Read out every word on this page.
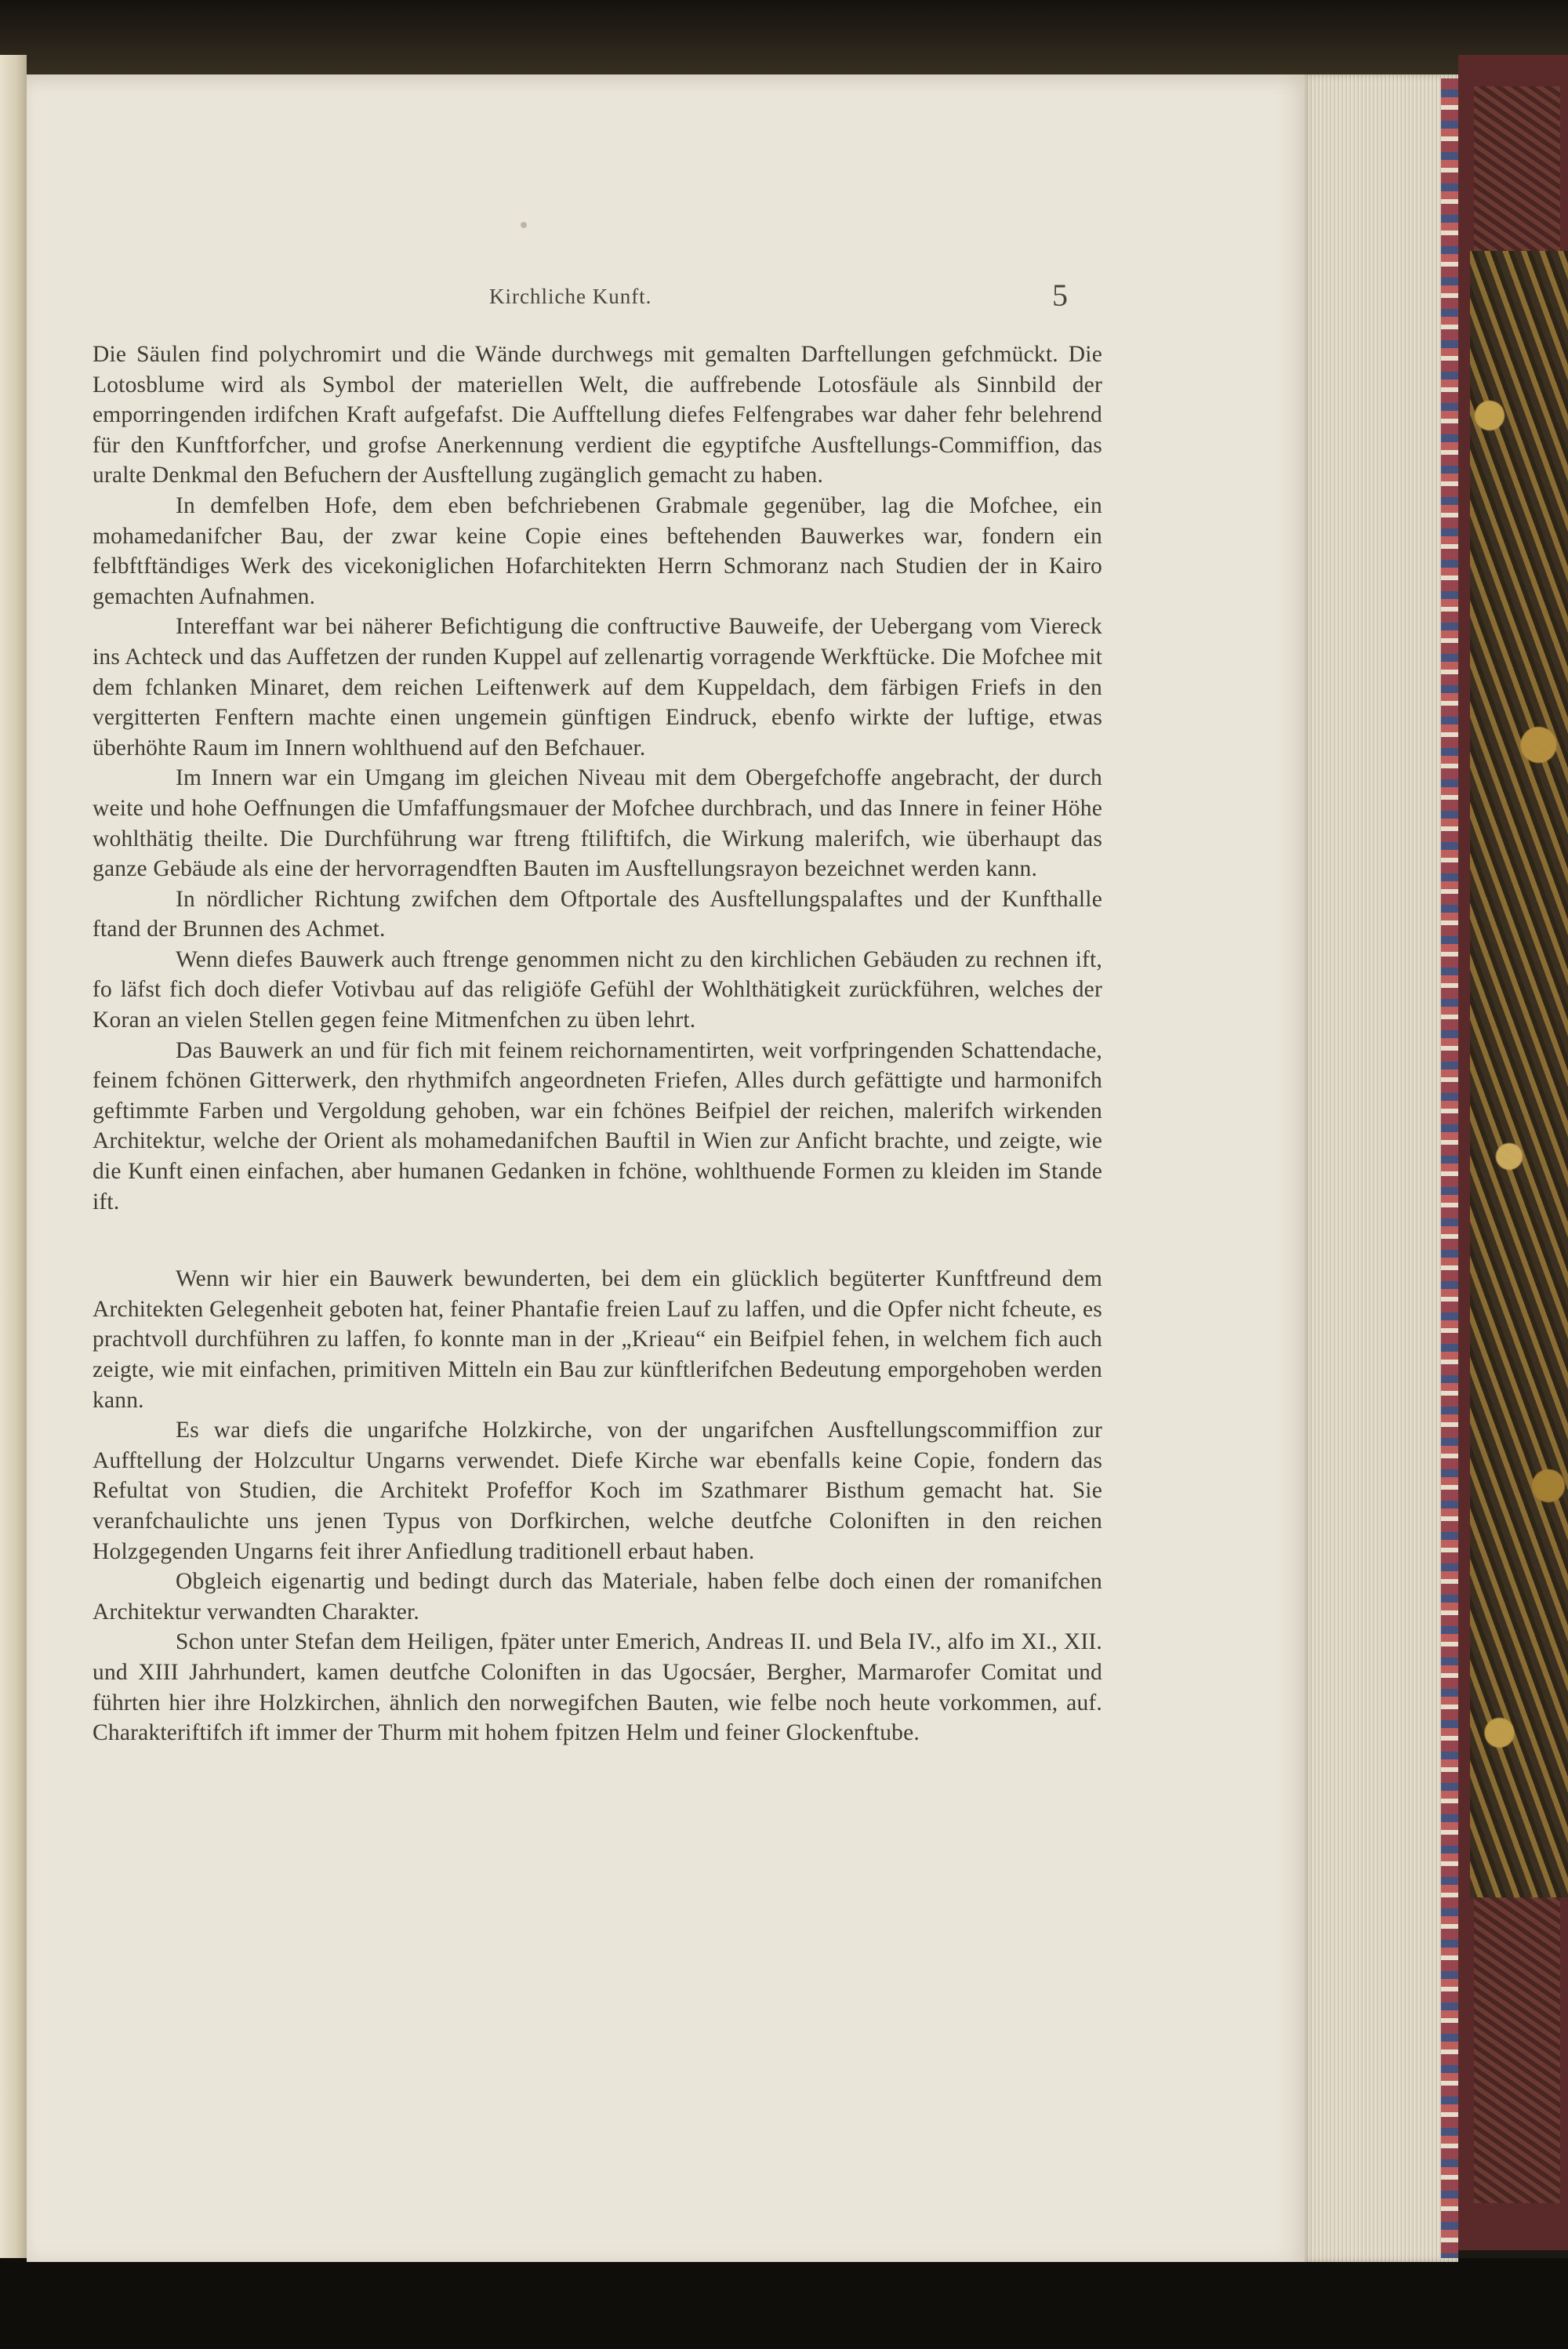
Kirchliche Kunft.	5

Die Säulen find polychromirt und die Wände durchwegs mit gemalten Darftellungen gefchmückt. Die Lotosblume wird als Symbol der materiellen Welt, die auffrebende Lotosfäule als Sinnbild der emporringenden irdifchen Kraft aufgefafst. Die Aufftellung diefes Felfengrabes war daher fehr belehrend für den Kunftforfcher, und grofse Anerkennung verdient die egyptifche Ausftellungs-Commiffion, das uralte Denkmal den Befuchern der Ausftellung zugänglich gemacht zu haben.

In demfelben Hofe, dem eben befchriebenen Grabmale gegenüber, lag die Mofchee, ein mohamedanifcher Bau, der zwar keine Copie eines beftehenden Bauwerkes war, fondern ein felbftftändiges Werk des vicekoniglichen Hofarchitekten Herrn Schmoranz nach Studien der in Kairo gemachten Aufnahmen.

Intereffant war bei näherer Befichtigung die conftructive Bauweife, der Uebergang vom Viereck ins Achteck und das Auffetzen der runden Kuppel auf zellenartig vorragende Werkftücke. Die Mofchee mit dem fchlanken Minaret, dem reichen Leiftenwerk auf dem Kuppeldach, dem färbigen Friefs in den vergitterten Fenftern machte einen ungemein günftigen Eindruck, ebenfo wirkte der luftige, etwas überhöhte Raum im Innern wohlthuend auf den Befchauer.

Im Innern war ein Umgang im gleichen Niveau mit dem Obergefchoffe angebracht, der durch weite und hohe Oeffnungen die Umfaffungsmauer der Mofchee durchbrach, und das Innere in feiner Höhe wohlthätig theilte. Die Durchführung war ftreng ftiliftifch, die Wirkung malerifch, wie überhaupt das ganze Gebäude als eine der hervorragendften Bauten im Ausftellungsrayon bezeichnet werden kann.

In nördlicher Richtung zwifchen dem Oftportale des Ausftellungspalaftes und der Kunfthalle ftand der Brunnen des Achmet.

Wenn diefes Bauwerk auch ftrenge genommen nicht zu den kirchlichen Gebäuden zu rechnen ift, fo läfst fich doch diefer Votivbau auf das religiöfe Gefühl der Wohlthätigkeit zurückführen, welches der Koran an vielen Stellen gegen feine Mitmenfchen zu üben lehrt.

Das Bauwerk an und für fich mit feinem reichornamentirten, weit vorfpringenden Schattendache, feinem fchönen Gitterwerk, den rhythmifch angeordneten Friefen, Alles durch gefättigte und harmonifch geftimmte Farben und Vergoldung gehoben, war ein fchönes Beifpiel der reichen, malerifch wirkenden Architektur, welche der Orient als mohamedanifchen Bauftil in Wien zur Anficht brachte, und zeigte, wie die Kunft einen einfachen, aber humanen Gedanken in fchöne, wohlthuende Formen zu kleiden im Stande ift.

Wenn wir hier ein Bauwerk bewunderten, bei dem ein glücklich begüterter Kunftfreund dem Architekten Gelegenheit geboten hat, feiner Phantafie freien Lauf zu laffen, und die Opfer nicht fcheute, es prachtvoll durchführen zu laffen, fo konnte man in der „Krieau“ ein Beifpiel fehen, in welchem fich auch zeigte, wie mit einfachen, primitiven Mitteln ein Bau zur künftlerifchen Bedeutung emporgehoben werden kann.

Es war diefs die ungarifche Holzkirche, von der ungarifchen Ausftellungscommiffion zur Aufftellung der Holzcultur Ungarns verwendet. Diefe Kirche war ebenfalls keine Copie, fondern das Refultat von Studien, die Architekt Profeffor Koch im Szathmarer Bisthum gemacht hat. Sie veranfchaulichte uns jenen Typus von Dorfkirchen, welche deutfche Coloniften in den reichen Holzgegenden Ungarns feit ihrer Anfiedlung traditionell erbaut haben.

Obgleich eigenartig und bedingt durch das Materiale, haben felbe doch einen der romanifchen Architektur verwandten Charakter.

Schon unter Stefan dem Heiligen, fpäter unter Emerich, Andreas II. und Bela IV., alfo im XI., XII. und XIII Jahrhundert, kamen deutfche Coloniften in das Ugocsáer, Bergher, Marmarofer Comitat und führten hier ihre Holzkirchen, ähnlich den norwegifchen Bauten, wie felbe noch heute vorkommen, auf. Charakteriftifch ift immer der Thurm mit hohem fpitzen Helm und feiner Glockenftube.
